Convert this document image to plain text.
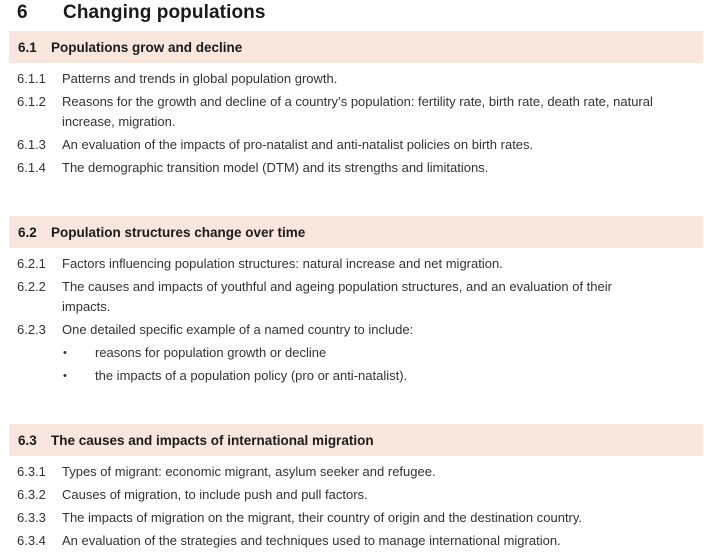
6 Changing populations
6.1	Populations grow and decline
6.1.1	Patterns and trends in global population growth.
6.1.2	Reasons for the growth and decline of a country’s population: fertility rate, birth rate, death rate, natural increase, migration.
6.1.3	An evaluation of the impacts of pro-natalist and anti-natalist policies on birth rates.
6.1.4	The demographic transition model (DTM) and its strengths and limitations.
6.2	Population structures change over time
6.2.1	Factors influencing population structures: natural increase and net migration.
6.2.2	The causes and impacts of youthful and ageing population structures, and an evaluation of their impacts.
6.2.3	One detailed specific example of a named country to include:
•	reasons for population growth or decline
•	the impacts of a population policy (pro or anti-natalist).
6.3	The causes and impacts of international migration
6.3.1	Types of migrant: economic migrant, asylum seeker and refugee.
6.3.2	Causes of migration, to include push and pull factors.
6.3.3	The impacts of migration on the migrant, their country of origin and the destination country.
6.3.4	An evaluation of the strategies and techniques used to manage international migration.
